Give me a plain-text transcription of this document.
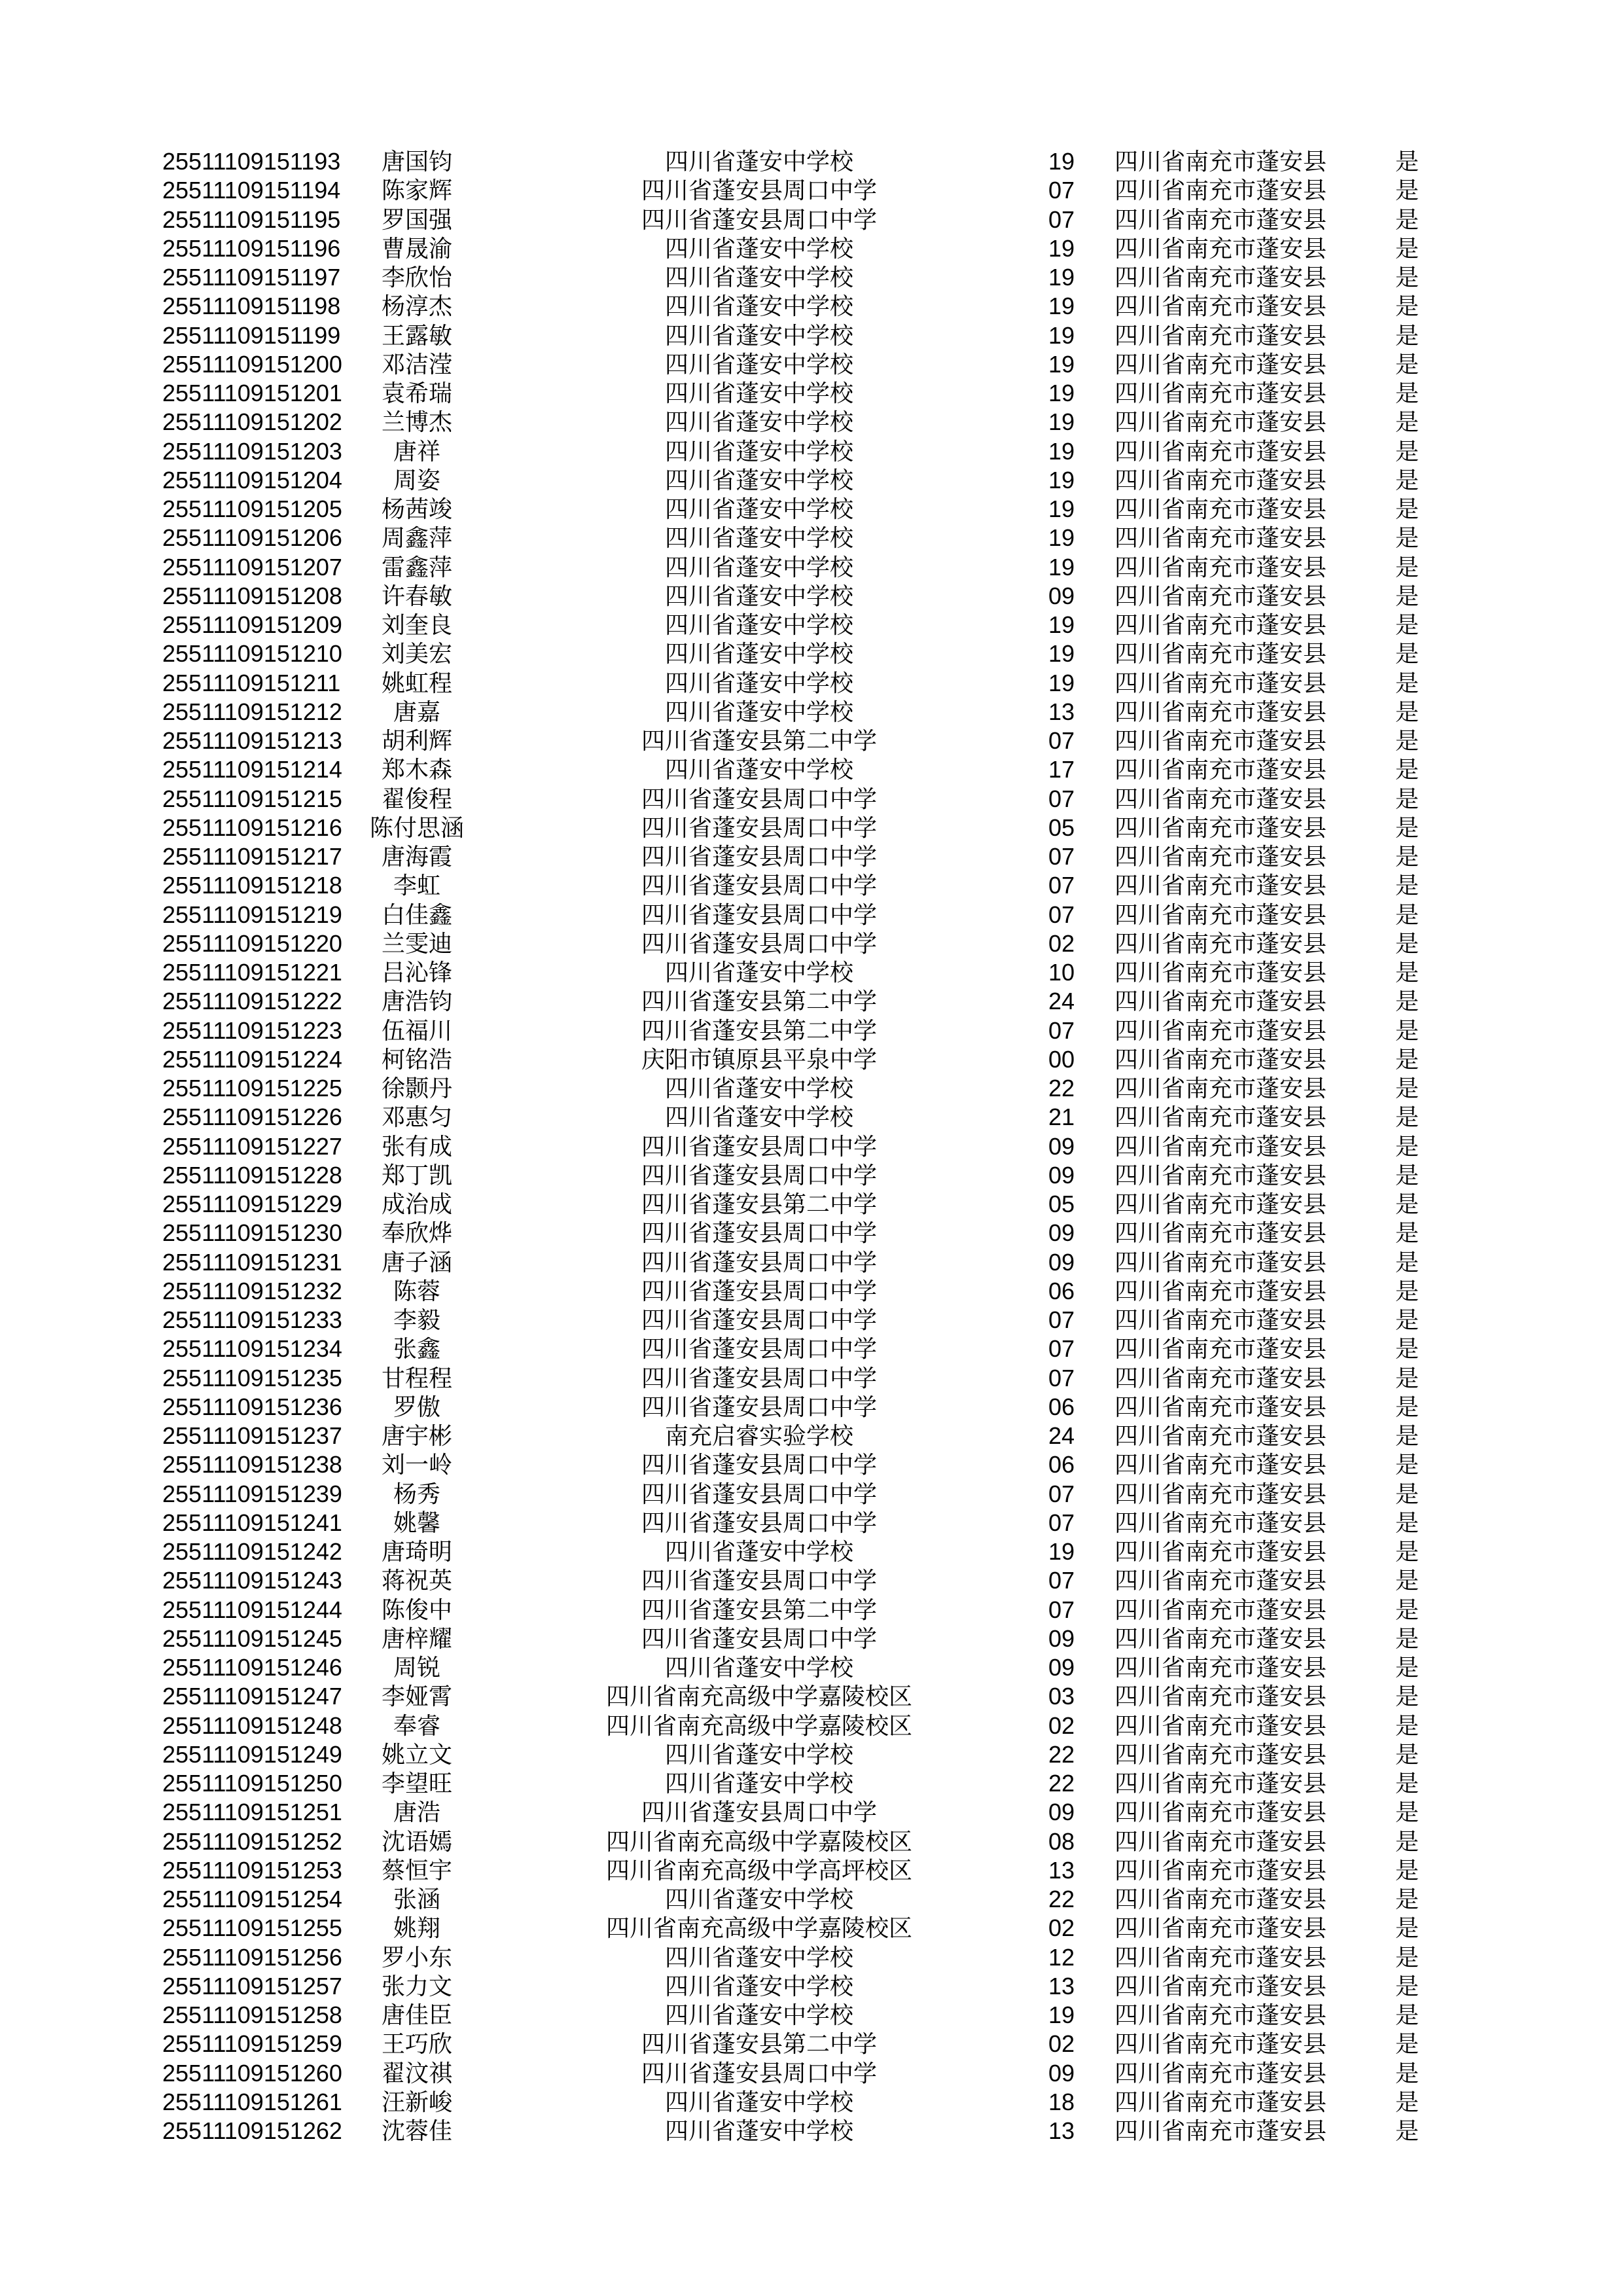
25511109151193	唐国钧	四川省蓬安中学校	19	四川省南充市蓬安县	是
25511109151194	陈家辉	四川省蓬安县周口中学	07	四川省南充市蓬安县	是
25511109151195	罗国强	四川省蓬安县周口中学	07	四川省南充市蓬安县	是
25511109151196	曹晟渝	四川省蓬安中学校	19	四川省南充市蓬安县	是
25511109151197	李欣怡	四川省蓬安中学校	19	四川省南充市蓬安县	是
25511109151198	杨淳杰	四川省蓬安中学校	19	四川省南充市蓬安县	是
25511109151199	王露敏	四川省蓬安中学校	19	四川省南充市蓬安县	是
25511109151200	邓洁滢	四川省蓬安中学校	19	四川省南充市蓬安县	是
25511109151201	袁希瑞	四川省蓬安中学校	19	四川省南充市蓬安县	是
25511109151202	兰博杰	四川省蓬安中学校	19	四川省南充市蓬安县	是
25511109151203	唐祥	四川省蓬安中学校	19	四川省南充市蓬安县	是
25511109151204	周姿	四川省蓬安中学校	19	四川省南充市蓬安县	是
25511109151205	杨茜竣	四川省蓬安中学校	19	四川省南充市蓬安县	是
25511109151206	周鑫萍	四川省蓬安中学校	19	四川省南充市蓬安县	是
25511109151207	雷鑫萍	四川省蓬安中学校	19	四川省南充市蓬安县	是
25511109151208	许春敏	四川省蓬安中学校	09	四川省南充市蓬安县	是
25511109151209	刘奎良	四川省蓬安中学校	19	四川省南充市蓬安县	是
25511109151210	刘美宏	四川省蓬安中学校	19	四川省南充市蓬安县	是
25511109151211	姚虹程	四川省蓬安中学校	19	四川省南充市蓬安县	是
25511109151212	唐嘉	四川省蓬安中学校	13	四川省南充市蓬安县	是
25511109151213	胡利辉	四川省蓬安县第二中学	07	四川省南充市蓬安县	是
25511109151214	郑木森	四川省蓬安中学校	17	四川省南充市蓬安县	是
25511109151215	翟俊程	四川省蓬安县周口中学	07	四川省南充市蓬安县	是
25511109151216	陈付思涵	四川省蓬安县周口中学	05	四川省南充市蓬安县	是
25511109151217	唐海霞	四川省蓬安县周口中学	07	四川省南充市蓬安县	是
25511109151218	李虹	四川省蓬安县周口中学	07	四川省南充市蓬安县	是
25511109151219	白佳鑫	四川省蓬安县周口中学	07	四川省南充市蓬安县	是
25511109151220	兰雯迪	四川省蓬安县周口中学	02	四川省南充市蓬安县	是
25511109151221	吕沁锋	四川省蓬安中学校	10	四川省南充市蓬安县	是
25511109151222	唐浩钧	四川省蓬安县第二中学	24	四川省南充市蓬安县	是
25511109151223	伍福川	四川省蓬安县第二中学	07	四川省南充市蓬安县	是
25511109151224	柯铭浩	庆阳市镇原县平泉中学	00	四川省南充市蓬安县	是
25511109151225	徐颢丹	四川省蓬安中学校	22	四川省南充市蓬安县	是
25511109151226	邓惠匀	四川省蓬安中学校	21	四川省南充市蓬安县	是
25511109151227	张有成	四川省蓬安县周口中学	09	四川省南充市蓬安县	是
25511109151228	郑丁凯	四川省蓬安县周口中学	09	四川省南充市蓬安县	是
25511109151229	成治成	四川省蓬安县第二中学	05	四川省南充市蓬安县	是
25511109151230	奉欣烨	四川省蓬安县周口中学	09	四川省南充市蓬安县	是
25511109151231	唐子涵	四川省蓬安县周口中学	09	四川省南充市蓬安县	是
25511109151232	陈蓉	四川省蓬安县周口中学	06	四川省南充市蓬安县	是
25511109151233	李毅	四川省蓬安县周口中学	07	四川省南充市蓬安县	是
25511109151234	张鑫	四川省蓬安县周口中学	07	四川省南充市蓬安县	是
25511109151235	甘程程	四川省蓬安县周口中学	07	四川省南充市蓬安县	是
25511109151236	罗傲	四川省蓬安县周口中学	06	四川省南充市蓬安县	是
25511109151237	唐宇彬	南充启睿实验学校	24	四川省南充市蓬安县	是
25511109151238	刘一岭	四川省蓬安县周口中学	06	四川省南充市蓬安县	是
25511109151239	杨秀	四川省蓬安县周口中学	07	四川省南充市蓬安县	是
25511109151241	姚馨	四川省蓬安县周口中学	07	四川省南充市蓬安县	是
25511109151242	唐琦明	四川省蓬安中学校	19	四川省南充市蓬安县	是
25511109151243	蒋祝英	四川省蓬安县周口中学	07	四川省南充市蓬安县	是
25511109151244	陈俊中	四川省蓬安县第二中学	07	四川省南充市蓬安县	是
25511109151245	唐梓耀	四川省蓬安县周口中学	09	四川省南充市蓬安县	是
25511109151246	周锐	四川省蓬安中学校	09	四川省南充市蓬安县	是
25511109151247	李娅霄	四川省南充高级中学嘉陵校区	03	四川省南充市蓬安县	是
25511109151248	奉睿	四川省南充高级中学嘉陵校区	02	四川省南充市蓬安县	是
25511109151249	姚立文	四川省蓬安中学校	22	四川省南充市蓬安县	是
25511109151250	李望旺	四川省蓬安中学校	22	四川省南充市蓬安县	是
25511109151251	唐浩	四川省蓬安县周口中学	09	四川省南充市蓬安县	是
25511109151252	沈语嫣	四川省南充高级中学嘉陵校区	08	四川省南充市蓬安县	是
25511109151253	蔡恒宇	四川省南充高级中学高坪校区	13	四川省南充市蓬安县	是
25511109151254	张涵	四川省蓬安中学校	22	四川省南充市蓬安县	是
25511109151255	姚翔	四川省南充高级中学嘉陵校区	02	四川省南充市蓬安县	是
25511109151256	罗小东	四川省蓬安中学校	12	四川省南充市蓬安县	是
25511109151257	张力文	四川省蓬安中学校	13	四川省南充市蓬安县	是
25511109151258	唐佳臣	四川省蓬安中学校	19	四川省南充市蓬安县	是
25511109151259	王巧欣	四川省蓬安县第二中学	02	四川省南充市蓬安县	是
25511109151260	翟汶祺	四川省蓬安县周口中学	09	四川省南充市蓬安县	是
25511109151261	汪新峻	四川省蓬安中学校	18	四川省南充市蓬安县	是
25511109151262	沈蓉佳	四川省蓬安中学校	13	四川省南充市蓬安县	是
